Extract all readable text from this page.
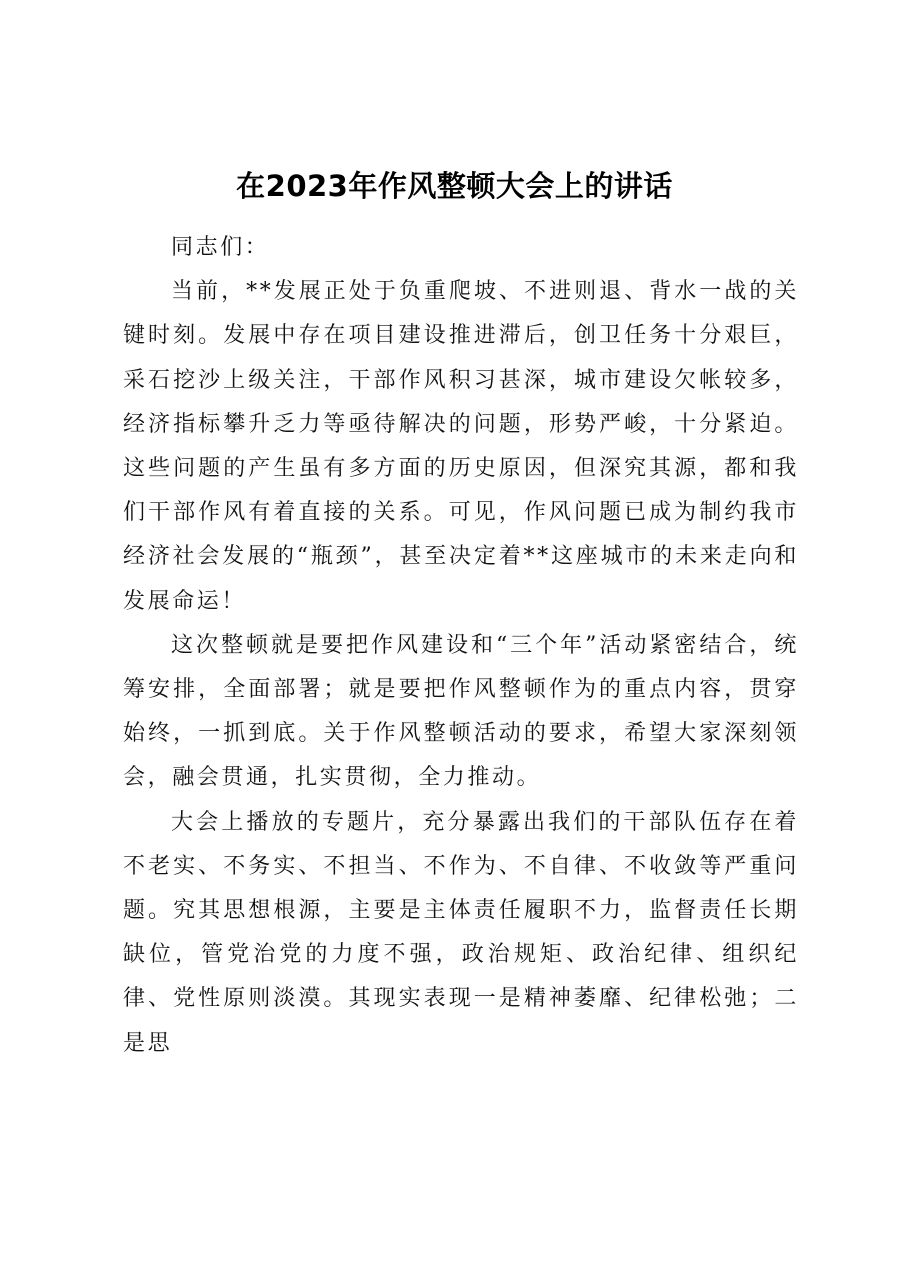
在2023年作风整顿大会上的讲话

同志们：

当前，**发展正处于负重爬坡、不进则退、背水一战的关键时刻。发展中存在项目建设推进滞后，创卫任务十分艰巨，采石挖沙上级关注，干部作风积习甚深，城市建设欠帐较多，经济指标攀升乏力等亟待解决的问题，形势严峻，十分紧迫。这些问题的产生虽有多方面的历史原因，但深究其源，都和我们干部作风有着直接的关系。可见，作风问题已成为制约我市经济社会发展的“瓶颈”，甚至决定着**这座城市的未来走向和发展命运！

这次整顿就是要把作风建设和“三个年”活动紧密结合，统筹安排，全面部署；就是要把作风整顿作为的重点内容，贯穿始终，一抓到底。关于作风整顿活动的要求，希望大家深刻领会，融会贯通，扎实贯彻，全力推动。

大会上播放的专题片，充分暴露出我们的干部队伍存在着不老实、不务实、不担当、不作为、不自律、不收敛等严重问题。究其思想根源，主要是主体责任履职不力，监督责任长期缺位，管党治党的力度不强，政治规矩、政治纪律、组织纪律、党性原则淡漠。其现实表现一是精神萎靡、纪律松弛；二是思
